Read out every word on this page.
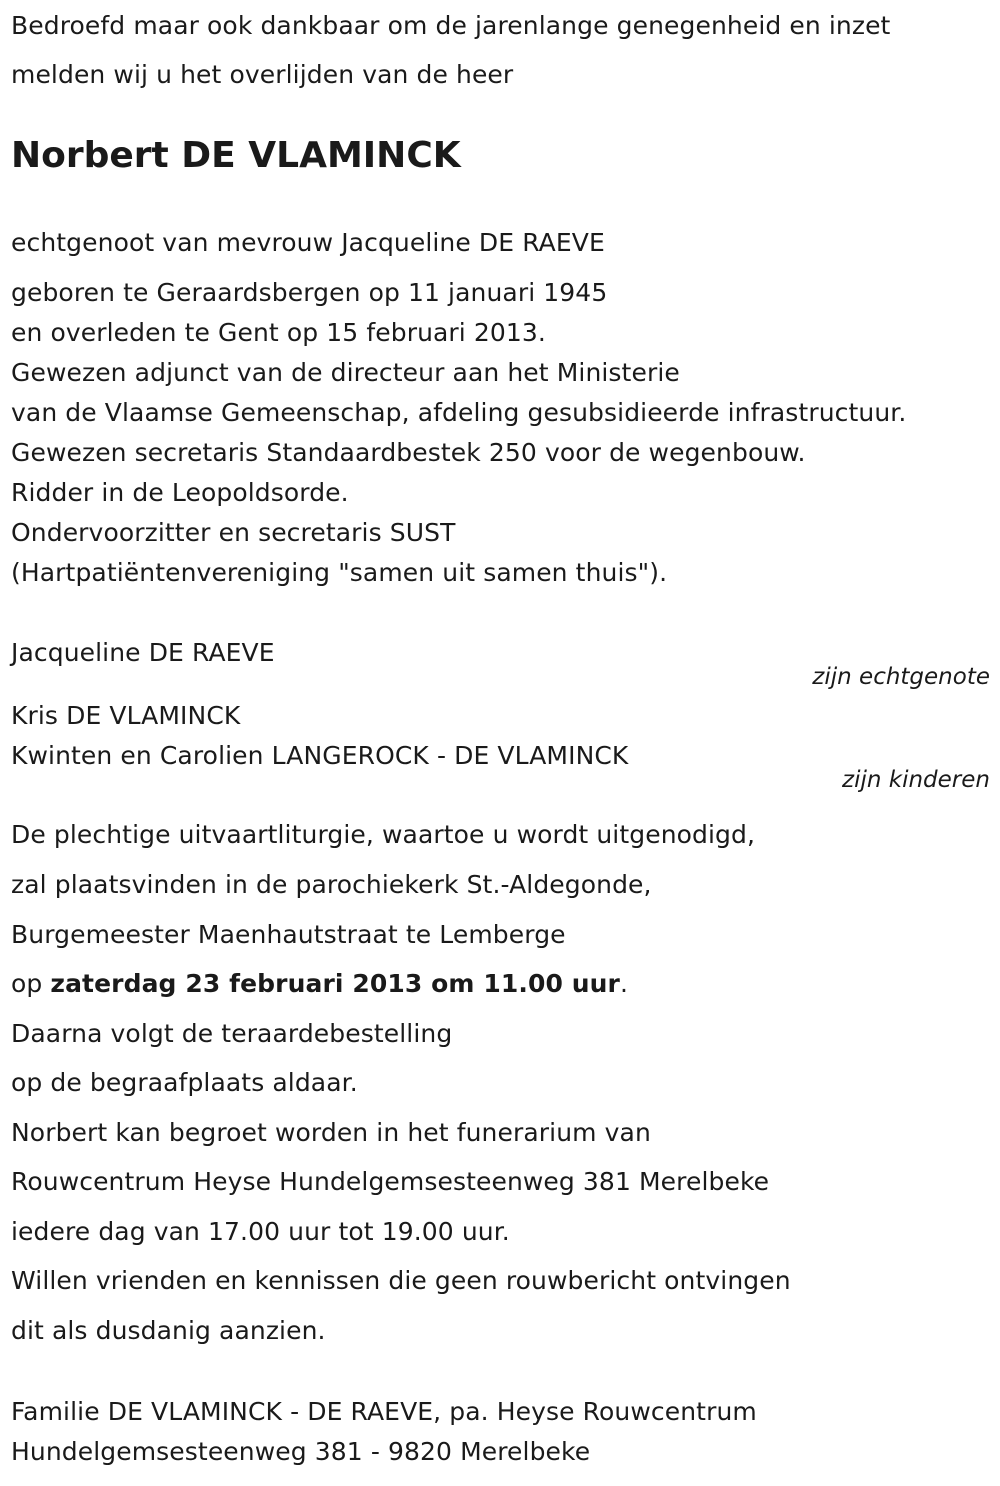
Bedroefd maar ook dankbaar om de jarenlange genegenheid en inzet
melden wij u het overlijden van de heer
Norbert DE VLAMINCK
echtgenoot van mevrouw Jacqueline DE RAEVE
geboren te Geraardsbergen op 11 januari 1945
en overleden te Gent op 15 februari 2013.
Gewezen adjunct van de directeur aan het Ministerie
van de Vlaamse Gemeenschap, afdeling gesubsidieerde infrastructuur.
Gewezen secretaris Standaardbestek 250 voor de wegenbouw.
Ridder in de Leopoldsorde.
Ondervoorzitter en secretaris SUST
(Hartpatiëntenvereniging "samen uit samen thuis").
Jacqueline DE RAEVE
zijn echtgenote
Kris DE VLAMINCK
Kwinten en Carolien LANGEROCK - DE VLAMINCK
zijn kinderen
De plechtige uitvaartliturgie, waartoe u wordt uitgenodigd,
zal plaatsvinden in de parochiekerk St.-Aldegonde,
Burgemeester Maenhautstraat te Lemberge
op zaterdag 23 februari 2013 om 11.00 uur.
Daarna volgt de teraardebestelling
op de begraafplaats aldaar.
Norbert kan begroet worden in het funerarium van
Rouwcentrum Heyse Hundelgemsesteenweg 381 Merelbeke
iedere dag van 17.00 uur tot 19.00 uur.
Willen vrienden en kennissen die geen rouwbericht ontvingen
dit als dusdanig aanzien.
Familie DE VLAMINCK - DE RAEVE, pa. Heyse Rouwcentrum
Hundelgemsesteenweg 381 - 9820 Merelbeke
